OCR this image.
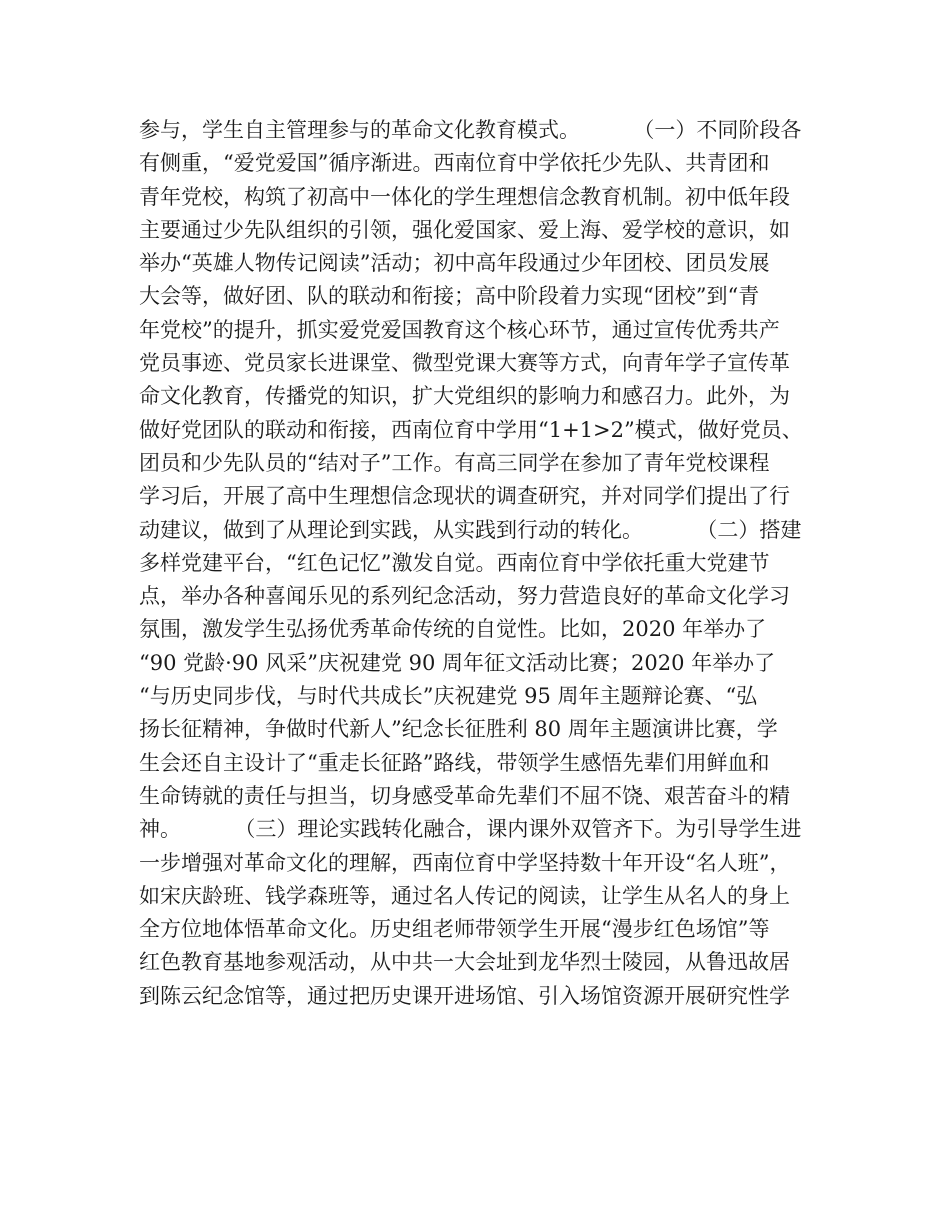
参与，学生自主管理参与的革命文化教育模式。        （一）不同阶段各
有侧重，“爱党爱国”循序渐进。西南位育中学依托少先队、共青团和
青年党校，构筑了初高中一体化的学生理想信念教育机制。初中低年段
主要通过少先队组织的引领，强化爱国家、爱上海、爱学校的意识，如
举办“英雄人物传记阅读”活动；初中高年段通过少年团校、团员发展
大会等，做好团、队的联动和衔接；高中阶段着力实现“团校”到“青
年党校”的提升，抓实爱党爱国教育这个核心环节，通过宣传优秀共产
党员事迹、党员家长进课堂、微型党课大赛等方式，向青年学子宣传革
命文化教育，传播党的知识，扩大党组织的影响力和感召力。此外，为
做好党团队的联动和衔接，西南位育中学用“1+1>2”模式，做好党员、
团员和少先队员的“结对子”工作。有高三同学在参加了青年党校课程
学习后，开展了高中生理想信念现状的调查研究，并对同学们提出了行
动建议，做到了从理论到实践，从实践到行动的转化。        （二）搭建
多样党建平台，“红色记忆”激发自觉。西南位育中学依托重大党建节
点，举办各种喜闻乐见的系列纪念活动，努力营造良好的革命文化学习
氛围，激发学生弘扬优秀革命传统的自觉性。比如，2020 年举办了
“90 党龄·90 风采”庆祝建党 90 周年征文活动比赛；2020 年举办了
“与历史同步伐，与时代共成长”庆祝建党 95 周年主题辩论赛、“弘
扬长征精神，争做时代新人”纪念长征胜利 80 周年主题演讲比赛，学
生会还自主设计了“重走长征路”路线，带领学生感悟先辈们用鲜血和
生命铸就的责任与担当，切身感受革命先辈们不屈不饶、艰苦奋斗的精
神。        （三）理论实践转化融合，课内课外双管齐下。为引导学生进
一步增强对革命文化的理解，西南位育中学坚持数十年开设“名人班”，
如宋庆龄班、钱学森班等，通过名人传记的阅读，让学生从名人的身上
全方位地体悟革命文化。历史组老师带领学生开展“漫步红色场馆”等
红色教育基地参观活动，从中共一大会址到龙华烈士陵园，从鲁迅故居
到陈云纪念馆等，通过把历史课开进场馆、引入场馆资源开展研究性学
